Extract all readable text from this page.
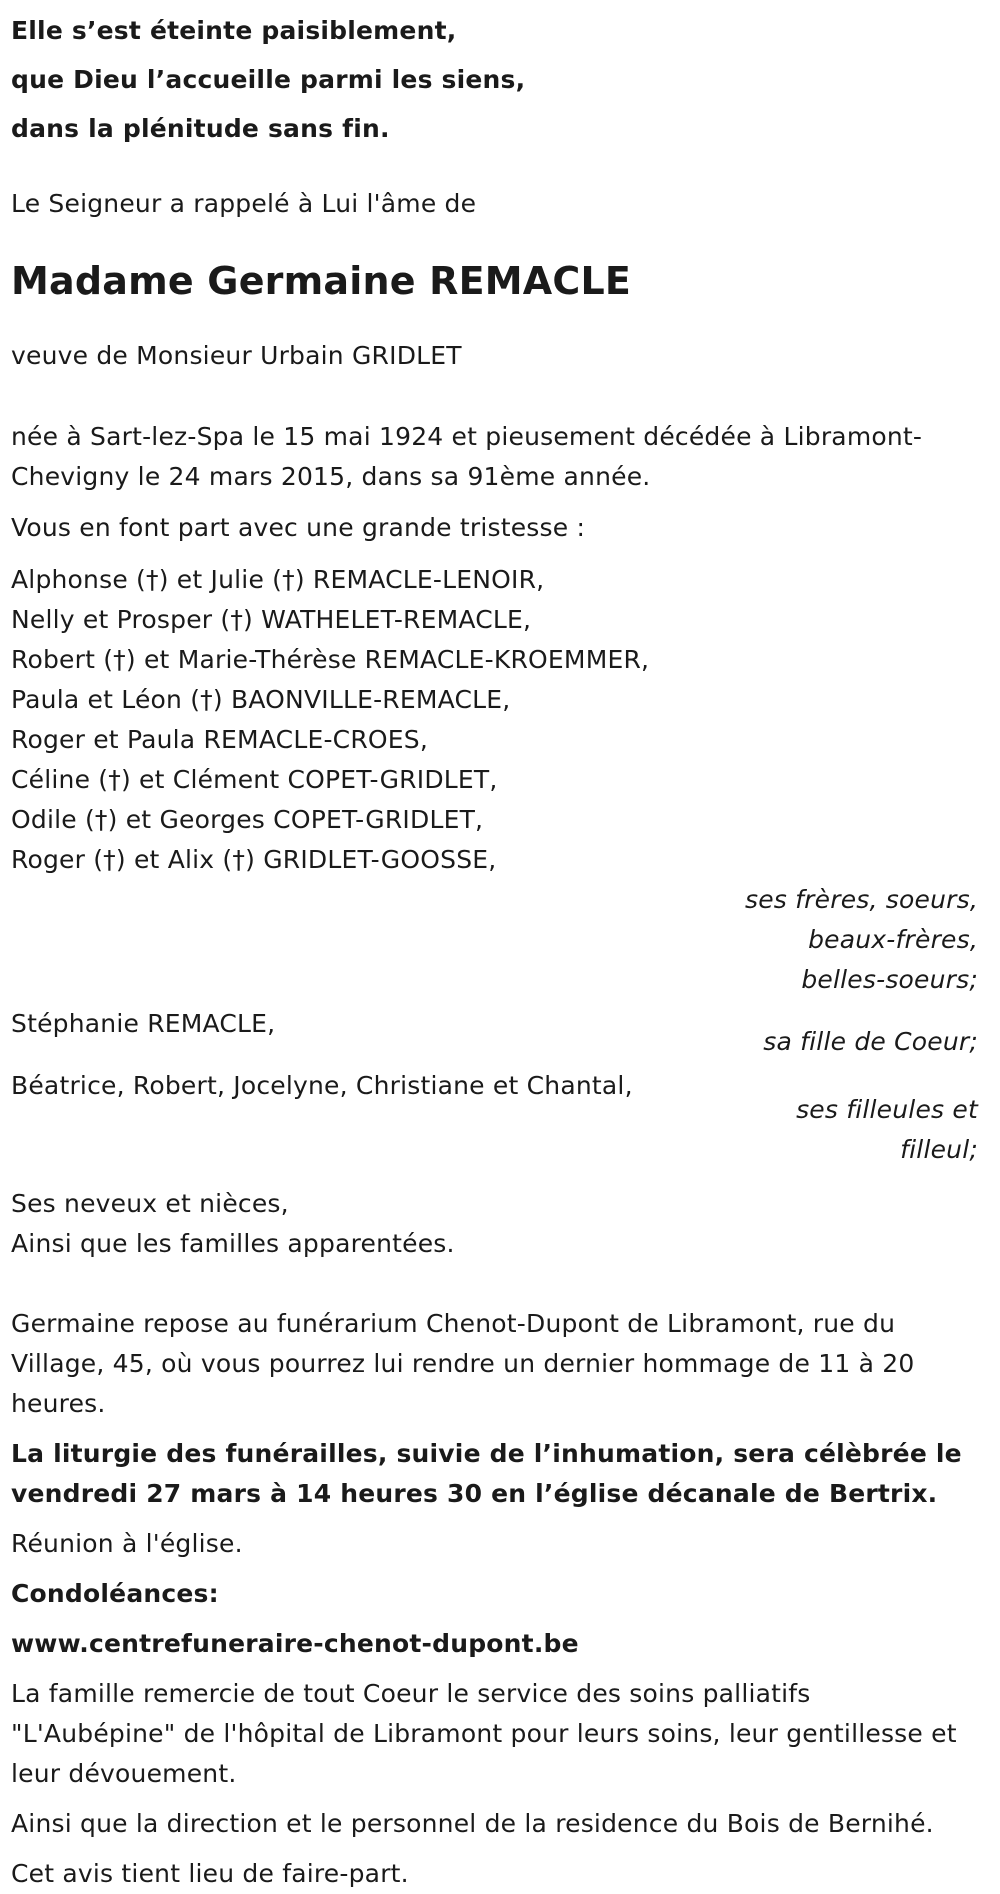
Elle s’est éteinte paisiblement,

que Dieu l’accueille parmi les siens,

dans la plénitude sans fin.

Le Seigneur a rappelé à Lui l'âme de

Madame Germaine REMACLE

veuve de Monsieur Urbain GRIDLET

née à Sart-lez-Spa le 15 mai 1924 et pieusement décédée à Libramont-Chevigny le 24 mars 2015, dans sa 91ème année.

Vous en font part avec une grande tristesse :

Alphonse (†) et Julie (†) REMACLE-LENOIR,

Nelly et Prosper (†) WATHELET-REMACLE,

Robert (†) et Marie-Thérèse REMACLE-KROEMMER,

Paula et Léon (†) BAONVILLE-REMACLE,

Roger et Paula REMACLE-CROES,

Céline (†) et Clément COPET-GRIDLET,

Odile (†) et Georges COPET-GRIDLET,

Roger (†) et Alix (†) GRIDLET-GOOSSE,

ses frères, soeurs, beaux-frères, belles-soeurs;

Stéphanie REMACLE,

sa fille de Coeur;

Béatrice, Robert, Jocelyne, Christiane et Chantal,

ses filleules et filleul;

Ses neveux et nièces,

Ainsi que les familles apparentées.

Germaine repose au funérarium Chenot-Dupont de Libramont, rue du Village, 45, où vous pourrez lui rendre un dernier hommage de 11 à 20 heures.

La liturgie des funérailles, suivie de l’inhumation, sera célèbrée le vendredi 27 mars à 14 heures 30 en l’église décanale de Bertrix.

Réunion à l'église.

Condoléances:

www.centrefuneraire-chenot-dupont.be

La famille remercie de tout Coeur le service des soins palliatifs "L'Aubépine" de l'hôpital de Libramont pour leurs soins, leur gentillesse et leur dévouement.

Ainsi que la direction et le personnel de la residence du Bois de Bernihé.

Cet avis tient lieu de faire-part.
